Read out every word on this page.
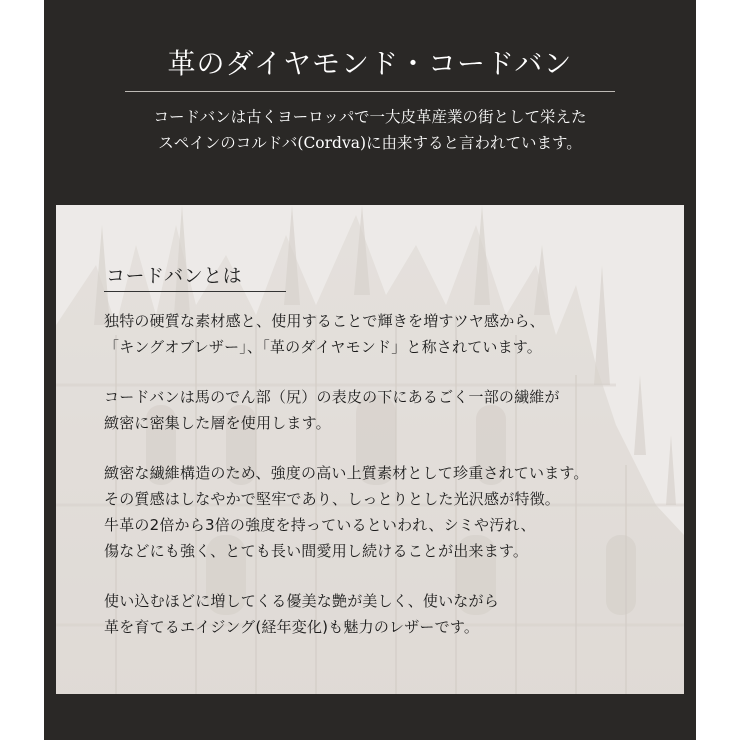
革のダイヤモンド・コードバン
コードバンは古くヨーロッパで一大皮革産業の街として栄えた
スペインのコルドバ(Cordva)に由来すると言われています。
コードバンとは

独特の硬質な素材感と、使用することで輝きを増すツヤ感から、
「キングオブレザー」、「革のダイヤモンド」と称されています。

コードバンは馬のでん部（尻）の表皮の下にあるごく一部の繊維が
緻密に密集した層を使用します。

緻密な繊維構造のため、強度の高い上質素材として珍重されています。
その質感はしなやかで堅牢であり、しっとりとした光沢感が特徴。
牛革の2倍から3倍の強度を持っているといわれ、シミや汚れ、
傷などにも強く、とても長い間愛用し続けることが出来ます。

使い込むほどに増してくる優美な艶が美しく、使いながら
革を育てるエイジング(経年変化)も魅力のレザーです。
